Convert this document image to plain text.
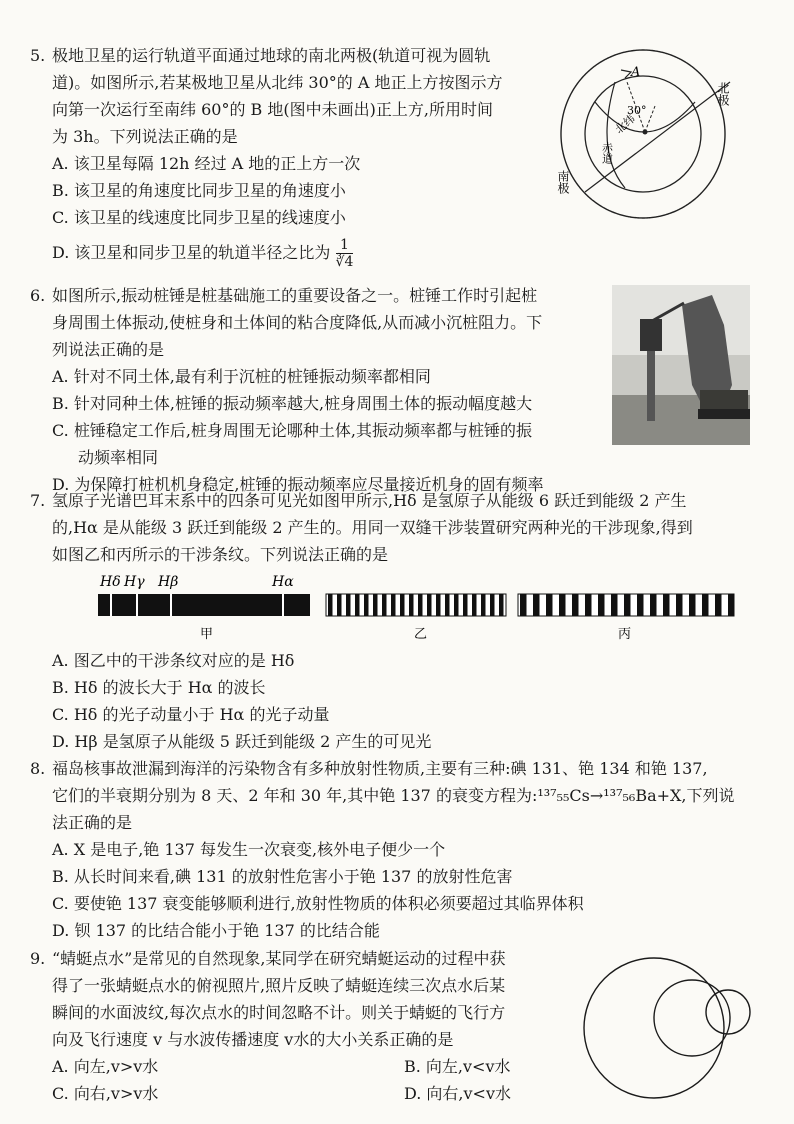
5. 极地卫星的运行轨道平面通过地球的南北两极(轨道可视为圆轨
道)。如图所示,若某极地卫星从北纬 30°的 A 地正上方按图示方
向第一次运行至南纬 60°的 B 地(图中未画出)正上方,所用时间
为 3h。下列说法正确的是
A. 该卫星每隔 12h 经过 A 地的正上方一次
B. 该卫星的角速度比同步卫星的角速度小
C. 该卫星的线速度比同步卫星的线速度小
D. 该卫星和同步卫星的轨道半径之比为 $\frac{1}{∛4}$
A
30°
北极
南极
赤道
北纬
6. 如图所示,振动桩锤是桩基础施工的重要设备之一。桩锤工作时引起桩
身周围土体振动,使桩身和土体间的粘合度降低,从而减小沉桩阻力。下
列说法正确的是
A. 针对不同土体,最有利于沉桩的桩锤振动频率都相同
B. 针对同种土体,桩锤的振动频率越大,桩身周围土体的振动幅度越大
C. 桩锤稳定工作后,桩身周围无论哪种土体,其振动频率都与桩锤的振
动频率相同
D. 为保障打桩机机身稳定,桩锤的振动频率应尽量接近机身的固有频率
7. 氢原子光谱巴耳末系中的四条可见光如图甲所示,Hδ 是氢原子从能级 6 跃迁到能级 2 产生
的,Hα 是从能级 3 跃迁到能级 2 产生的。用同一双缝干涉装置研究两种光的干涉现象,得到
如图乙和丙所示的干涉条纹。下列说法正确的是
Hδ Hγ Hβ	Hα
甲	乙	丙
A. 图乙中的干涉条纹对应的是 Hδ
B. Hδ 的波长大于 Hα 的波长
C. Hδ 的光子动量小于 Hα 的光子动量
D. Hβ 是氢原子从能级 5 跃迁到能级 2 产生的可见光
8. 福岛核事故泄漏到海洋的污染物含有多种放射性物质,主要有三种:碘 131、铯 134 和铯 137,
它们的半衰期分别为 8 天、2 年和 30 年,其中铯 137 的衰变方程为:¹³⁷₅₅Cs→¹³⁷₅₆Ba+X,下列说
法正确的是
A. X 是电子,铯 137 每发生一次衰变,核外电子便少一个
B. 从长时间来看,碘 131 的放射性危害小于铯 137 的放射性危害
C. 要使铯 137 衰变能够顺利进行,放射性物质的体积必须要超过其临界体积
D. 钡 137 的比结合能小于铯 137 的比结合能
9. “蜻蜓点水”是常见的自然现象,某同学在研究蜻蜓运动的过程中获
得了一张蜻蜓点水的俯视照片,照片反映了蜻蜓连续三次点水后某
瞬间的水面波纹,每次点水的时间忽略不计。则关于蜻蜓的飞行方
向及飞行速度 v 与水波传播速度 v水的大小关系正确的是
A. 向左,v>v水	B. 向左,v<v水
C. 向右,v>v水	D. 向右,v<v水
